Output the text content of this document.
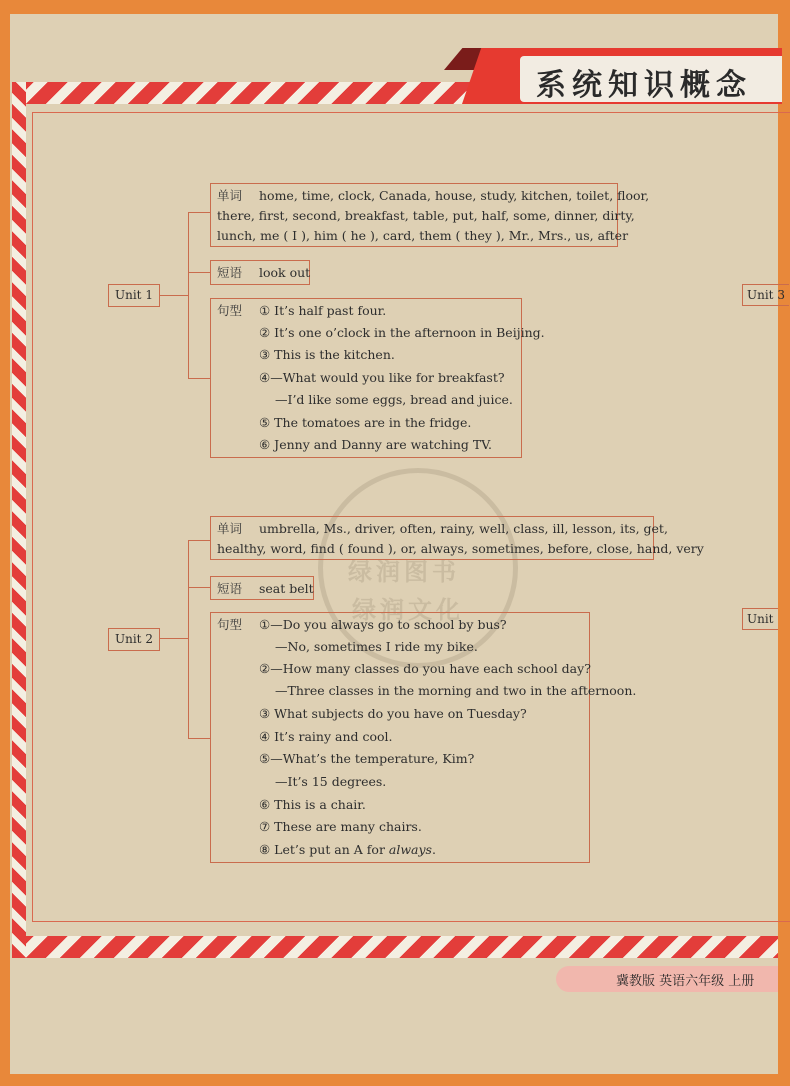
系统知识概念
绿润图书
绿润文化
Unit 1
单词 home, time, clock, Canada, house, study, kitchen, toilet, floor,
there, first, second, breakfast, table, put, half, some, dinner, dirty,
lunch, me ( I ), him ( he ), card, them ( they ), Mr., Mrs., us, after
短语 look out
句型 ① It’s half past four.
② It’s one o’clock in the afternoon in Beijing.
③ This is the kitchen.
④—What would you like for breakfast?
—I’d like some eggs, bread and juice.
⑤ The tomatoes are in the fridge.
⑥ Jenny and Danny are watching TV.
Unit 2
单词 umbrella, Ms., driver, often, rainy, well, class, ill, lesson, its, get,
healthy, word, find ( found ), or, always, sometimes, before, close, hand, very
短语 seat belt
句型 ①—Do you always go to school by bus?
—No, sometimes I ride my bike.
②—How many classes do you have each school day?
—Three classes in the morning and two in the afternoon.
③ What subjects do you have on Tuesday?
④ It’s rainy and cool.
⑤—What’s the temperature, Kim?
—It’s 15 degrees.
⑥ This is a chair.
⑦ These are many chairs.
⑧ Let’s put an A for always.
Unit 3
Unit
冀教版 英语六年级 上册
